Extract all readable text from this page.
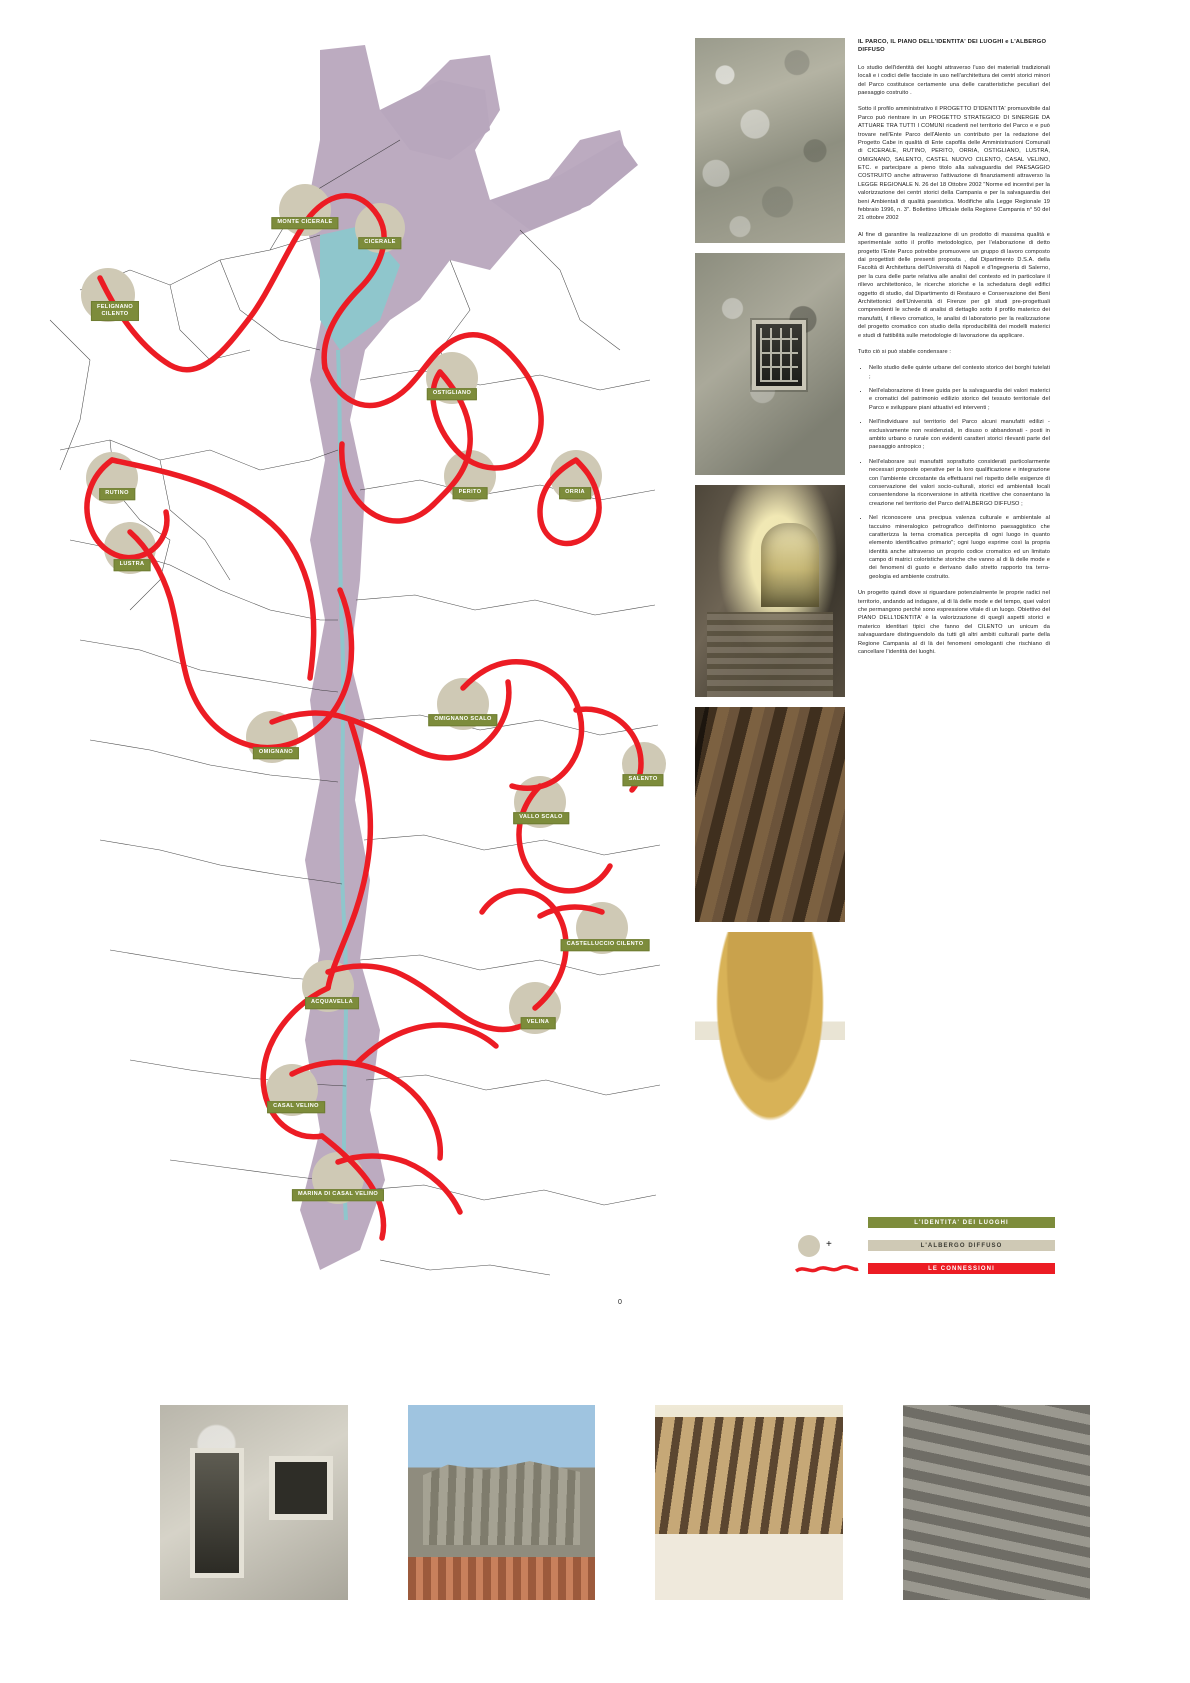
0
MONTE CICERALE
CICERALE
FELIGNANO
CILENTO
OSTIGLIANO
RUTINO	PERITO	ORRIA
LUSTRA
OMIGNANO SCALO
OMIGNANO
SALENTO
VALLO SCALO
CASTELLUCCIO CILENTO
ACQUAVELLA
VELINA
CASAL VELINO
MARINA DI CASAL VELINO
IL PARCO, IL PIANO DELL'IDENTITA' DEI LUOGHI e L'ALBERGO DIFFUSO

Lo studio dell'identità dei luoghi attraverso l'uso dei materiali tradizionali locali e i codici delle facciate in uso nell'architettura dei centri storici minori del Parco costituisce certamente una delle caratteristiche peculiari del paesaggio costruito .

Sotto il profilo amministrativo il PROGETTO D'IDENTITA' promuovibile dal Parco può rientrare in un PROGETTO STRATEGICO DI SINERGIE DA ATTUARE TRA TUTTI I COMUNI ricadenti nel territorio del Parco e e può trovare nell'Ente Parco dell'Alento un contributo per la redazione del Progetto Cabe in qualità di Ente capofila delle Amministrazioni Comunali di CICERALE, RUTINO, PERITO, ORRIA, OSTIGLIANO, LUSTRA, OMIGNANO, SALENTO, CASTEL NUOVO CILENTO, CASAL VELINO, ETC. e partecipare a pieno titolo alla salvaguardia del PAESAGGIO COSTRUITO anche attraverso l'attivazione di finanziamenti attraverso la LEGGE REGIONALE N. 26 del 18 Ottobre 2002 "Norme ed incentivi per la valorizzazione dei centri storici della Campania e per la salvaguardia dei beni Ambientali di qualità paesistica. Modifiche alla Legge Regionale 19 febbraio 1996, n. 3". Bollettino Ufficiale della Regione Campania n° 50 del 21 ottobre 2002

Al fine di garantire la realizzazione di un prodotto di massima qualità e sperimentale sotto il profilo metodologico, per l'elaborazione di detto progetto l'Ente Parco potrebbe promuovere un gruppo di lavoro composto dai progettisti delle presenti proposta , dal Dipartimento D.S.A. della Facoltà di Architettura dell'Università di Napoli e d'Ingegneria di Salerno, per la cura delle parte relativa alle analisi del contesto ed in particolare il rilievo architettonico, le ricerche storiche e la schedatura degli edifici oggetto di studio, dal Dipartimento di Restauro e Conservazione dei Beni Architettonici dell'Università di Firenze per gli studi pre-progettuali comprendenti le schede di analisi di dettaglio sotto il profilo materico dei manufatti, il rilievo cromatico, le analisi di laboratorio per la realizzazione del progetto cromatico con studio della riproducibilità dei modelli materici e studi di fattibilità sulle metodologie di lavorazione da applicare.

Tutto ciò si può stabile condensare :

• Nello studio delle quinte urbane del contesto storico dei borghi tutelati ;
• Nell'elaborazione di linee guida per la salvaguardia dei valori materici e cromatici del patrimonio edilizio storico del tessuto territoriale del Parco e sviluppare piani attuativi ed interventi ;
• Nell'individuare sul territorio del Parco alcuni manufatti edilizi - esclusivamente non residenziali, in disuso o abbandonati - posti in ambito urbano o rurale con evidenti caratteri storici rilevanti parte del paesaggio antropico ;
• Nell'elaborare sui manufatti soprattutto considerati particolarmente necessari proposte operative per la loro qualificazione e integrazione con l'ambiente circostante da effettuarsi nel rispetto delle esigenze di conservazione dei valori socio-culturali, storici ed ambientali locali consentendone la riconversione in attività ricettive che consentano la creazione nel territorio del Parco dell'ALBERGO DIFFUSO ;
• Nel riconoscere una precipua valenza culturale e ambientale al taccuino mineralogico petrografico dell'intorno paesaggistico che caratterizza la terna cromatica percepita di ogni luogo in quanto elemento identificativo primario"; ogni luogo esprime così la propria identità anche attraverso un proprio codice cromatico ed un limitato campo di matrici coloristiche storiche che vanno al di là delle mode e dei fenomeni di gusto e derivano dallo stretto rapporto tra terra-geologia ed ambiente costruito.

Un progetto quindi dove si riguardare potenzialmente le proprie radici nel territorio, andando ad indagare, al di là delle mode e del tempo, quei valori che permangono perché sono espressione vitale di un luogo. Obiettivo del PIANO DELL'IDENTITA' è la valorizzazione di quegli aspetti storici e materico identitari tipici che fanno del CILENTO un unicum da salvaguardare distinguendolo da tutti gli altri ambiti culturali parte della Regione Campania al di là dei fenomeni omologanti che rischiano di cancellare l'identità dei luoghi.

L'IDENTITA' DEI LUOGHI
+	L'ALBERGO DIFFUSO
LE CONNESSIONI
